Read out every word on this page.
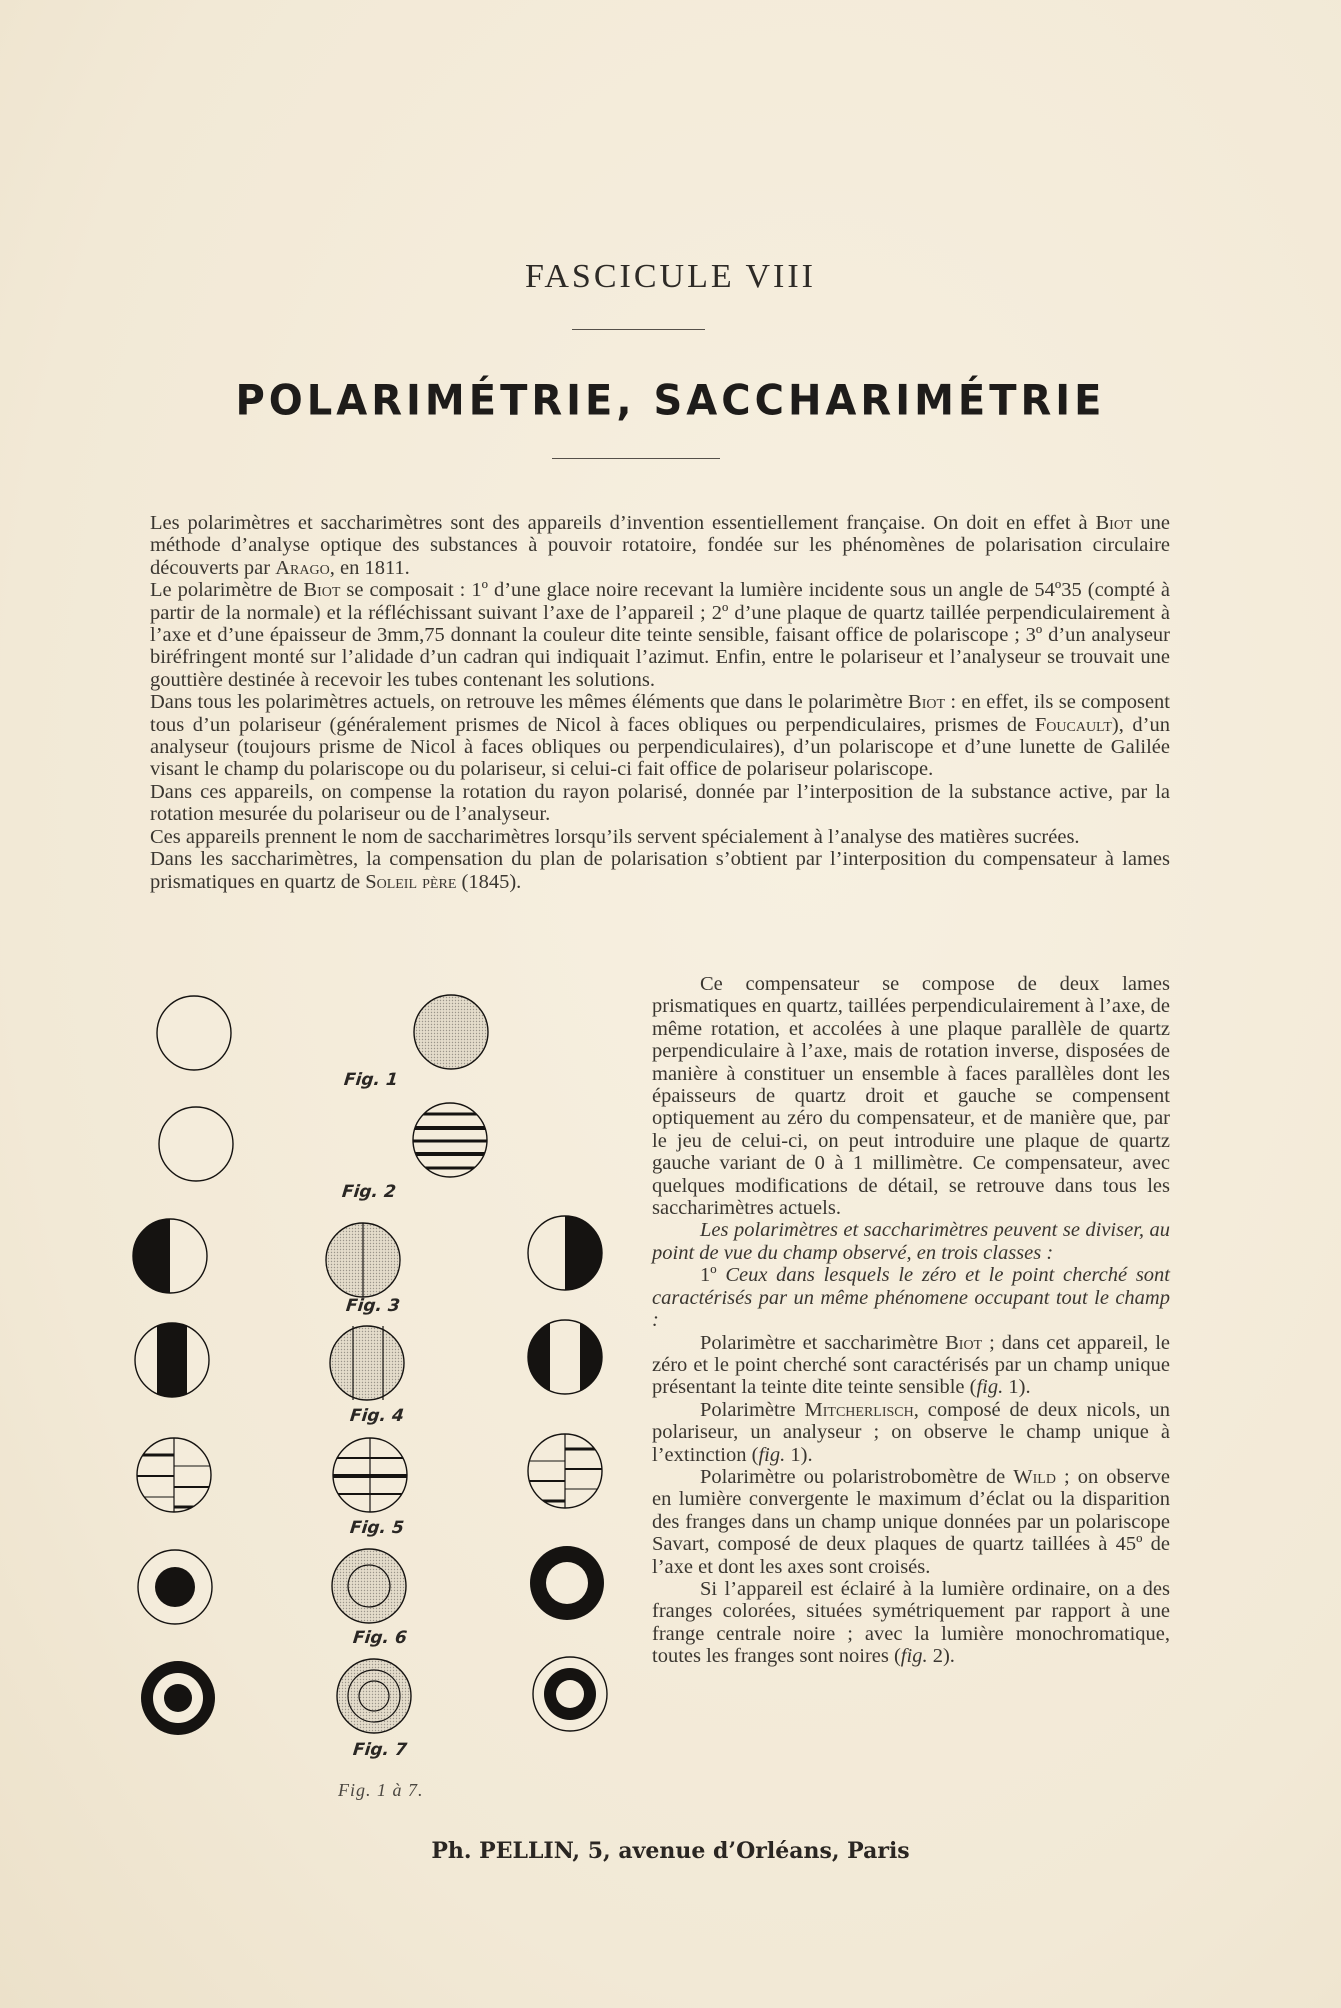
FASCICULE VIII
POLARIMÉTRIE, SACCHARIMÉTRIE

Les polarimètres et saccharimètres sont des appareils d’invention essentiellement française. On doit en effet à Biot une méthode d’analyse optique des substances à pouvoir rotatoire, fondée sur les phénomènes de polarisation circulaire découverts par Arago, en 1811.

Le polarimètre de Biot se composait : 1º d’une glace noire recevant la lumière incidente sous un angle de 54º35 (compté à partir de la normale) et la réfléchissant suivant l’axe de l’appareil ; 2º d’une plaque de quartz taillée perpendiculairement à l’axe et d’une épaisseur de 3mm,75 donnant la couleur dite teinte sensible, faisant office de polariscope ; 3º d’un analyseur biréfringent monté sur l’alidade d’un cadran qui indiquait l’azimut. Enfin, entre le polariseur et l’analyseur se trouvait une gouttière destinée à recevoir les tubes contenant les solutions.

Dans tous les polarimètres actuels, on retrouve les mêmes éléments que dans le polarimètre Biot : en effet, ils se composent tous d’un polariseur (généralement prismes de Nicol à faces obliques ou perpendiculaires, prismes de Foucault), d’un analyseur (toujours prisme de Nicol à faces obliques ou perpendiculaires), d’un polariscope et d’une lunette de Galilée visant le champ du polariscope ou du polariseur, si celui-ci fait office de polariseur polariscope.

Dans ces appareils, on compense la rotation du rayon polarisé, donnée par l’interposition de la substance active, par la rotation mesurée du polariseur ou de l’analyseur.

Ces appareils prennent le nom de saccharimètres lorsqu’ils servent spécialement à l’analyse des matières sucrées.

Dans les saccharimètres, la compensation du plan de polarisation s’obtient par l’interposition du compensateur à lames prismatiques en quartz de Soleil père (1845).

Ce compensateur se compose de deux lames prismatiques en quartz, taillées perpendiculairement à l’axe, de même rotation, et accolées à une plaque parallèle de quartz perpendiculaire à l’axe, mais de rotation inverse, disposées de manière à constituer un ensemble à faces parallèles dont les épaisseurs de quartz droit et gauche se compensent optiquement au zéro du compensateur, et de manière que, par le jeu de celui-ci, on peut introduire une plaque de quartz gauche variant de 0 à 1 millimètre. Ce compensateur, avec quelques modifications de détail, se retrouve dans tous les saccharimètres actuels.

Les polarimètres et saccharimètres peuvent se diviser, au point de vue du champ observé, en trois classes :

1º Ceux dans lesquels le zéro et le point cherché sont caractérisés par un même phénomene occupant tout le champ :

Polarimètre et saccharimètre Biot ; dans cet appareil, le zéro et le point cherché sont caractérisés par un champ unique présentant la teinte dite teinte sensible (fig. 1).

Polarimètre Mitcherlisch, composé de deux nicols, un polariseur, un analyseur ; on observe le champ unique à l’extinction (fig. 1).

Polarimètre ou polaristrobomètre de Wild ; on observe en lumière convergente le maximum d’éclat ou la disparition des franges dans un champ unique données par un polariscope Savart, composé de deux plaques de quartz taillées à 45º de l’axe et dont les axes sont croisés.

Si l’appareil est éclairé à la lumière ordinaire, on a des franges colorées, situées symétriquement par rapport à une frange centrale noire ; avec la lumière monochromatique, toutes les franges sont noires (fig. 2).

Fig. 1
Fig. 2
Fig. 3
Fig. 4
Fig. 5
Fig. 6
Fig. 7
Fig. 1 à 7.
Ph. PELLIN, 5, avenue d’Orléans, Paris
